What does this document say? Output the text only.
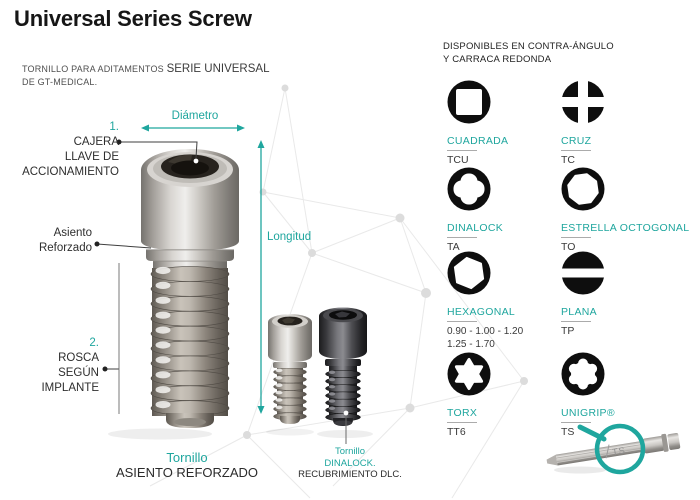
TS
Universal Series Screw
TORNILLO PARA ADITAMENTOS SERIE UNIVERSAL
DE GT-MEDICAL.
Diámetro
Longitud
1.
CAJERA
LLAVE DE
ACCIONAMIENTO
Asiento
Reforzado
2.
ROSCA
SEGÚN
IMPLANTE
Tornillo
ASIENTO REFORZADO
Tornillo
DINALOCK.
RECUBRIMIENTO DLC.
DISPONIBLES EN CONTRA-ÁNGULO
Y CARRACA REDONDA
CUADRADA
TCU
CRUZ
TC
DINALOCK
TA
ESTRELLA OCTOGONAL
TO
HEXAGONAL
0.90 - 1.00 - 1.20
1.25 - 1.70
PLANA
TP
TORX
TT6
UNIGRIP®
TS
